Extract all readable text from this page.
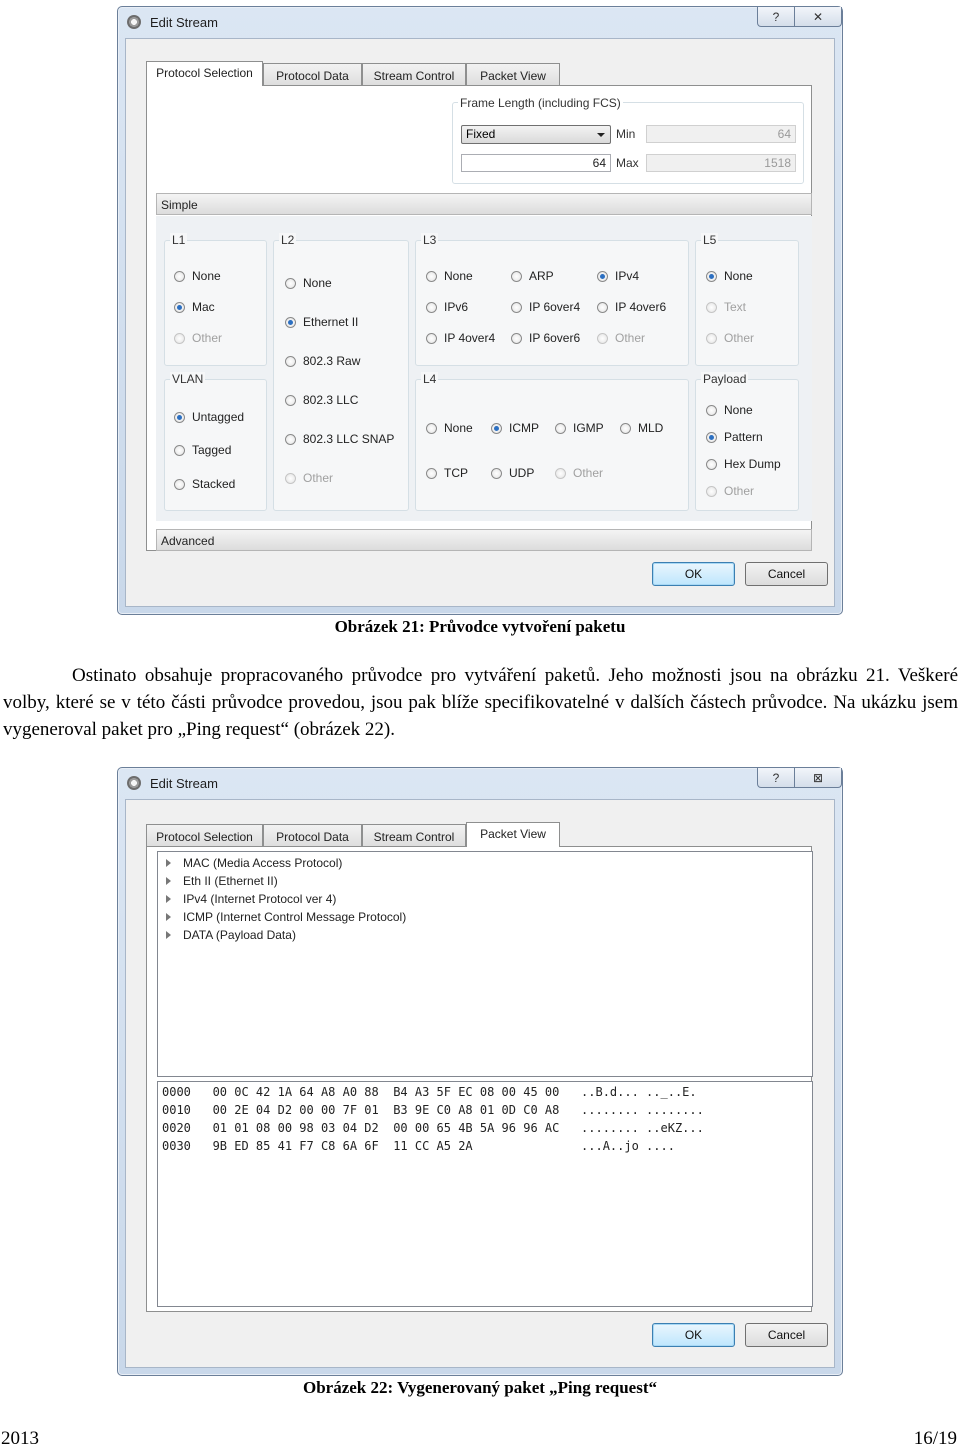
Edit Stream	?	✕
Protocol Selection	Protocol Data	Stream Control	Packet View
Frame Length (including FCS)
Fixed	Min	64
64 Max	1518
Simple
L1
None
Mac
Other
VLAN
Untagged
Tagged
Stacked
L2
None
Ethernet II
802.3 Raw
802.3 LLC
802.3 LLC SNAP
Other
L3
None	ARP	IPv4
IPv6	IP 6over4	IP 4over6
IP 4over4	IP 6over6	Other
L4
None	ICMP	IGMP	MLD
TCP	UDP	Other
L5
None
Text
Other
Payload
None
Pattern
Hex Dump
Other
Advanced
OK	Cancel
Obrázek 21: Průvodce vytvoření paketu
Ostinato obsahuje propracovaného průvodce pro vytváření paketů. Jeho možnosti jsou na obrázku 21. Veškeré volby, které se v této části průvodce provedou, jsou pak blíže specifikovatelné v dalších částech průvodce. Na ukázku jsem vygeneroval paket pro „Ping request“ (obrázek 22).
Edit Stream	?	⊠
Protocol Selection	Protocol Data	Stream Control	Packet View
MAC (Media Access Protocol)
Eth II (Ethernet II)
IPv4 (Internet Protocol ver 4)
ICMP (Internet Control Message Protocol)
DATA (Payload Data)
0000   00 0C 42 1A 64 A8 A0 88  B4 A3 5F EC 08 00 45 00   ..B.d... .._..E.
0010   00 2E 04 D2 00 00 7F 01  B3 9E C0 A8 01 0D C0 A8   ........ ........
0020   01 01 08 00 98 03 04 D2  00 00 65 4B 5A 96 96 AC   ........ ..eKZ...
0030   9B ED 85 41 F7 C8 6A 6F  11 CC A5 2A               ...A..jo ....
OK	Cancel
Obrázek 22: Vygenerovaný paket „Ping request“
2013	16/19
